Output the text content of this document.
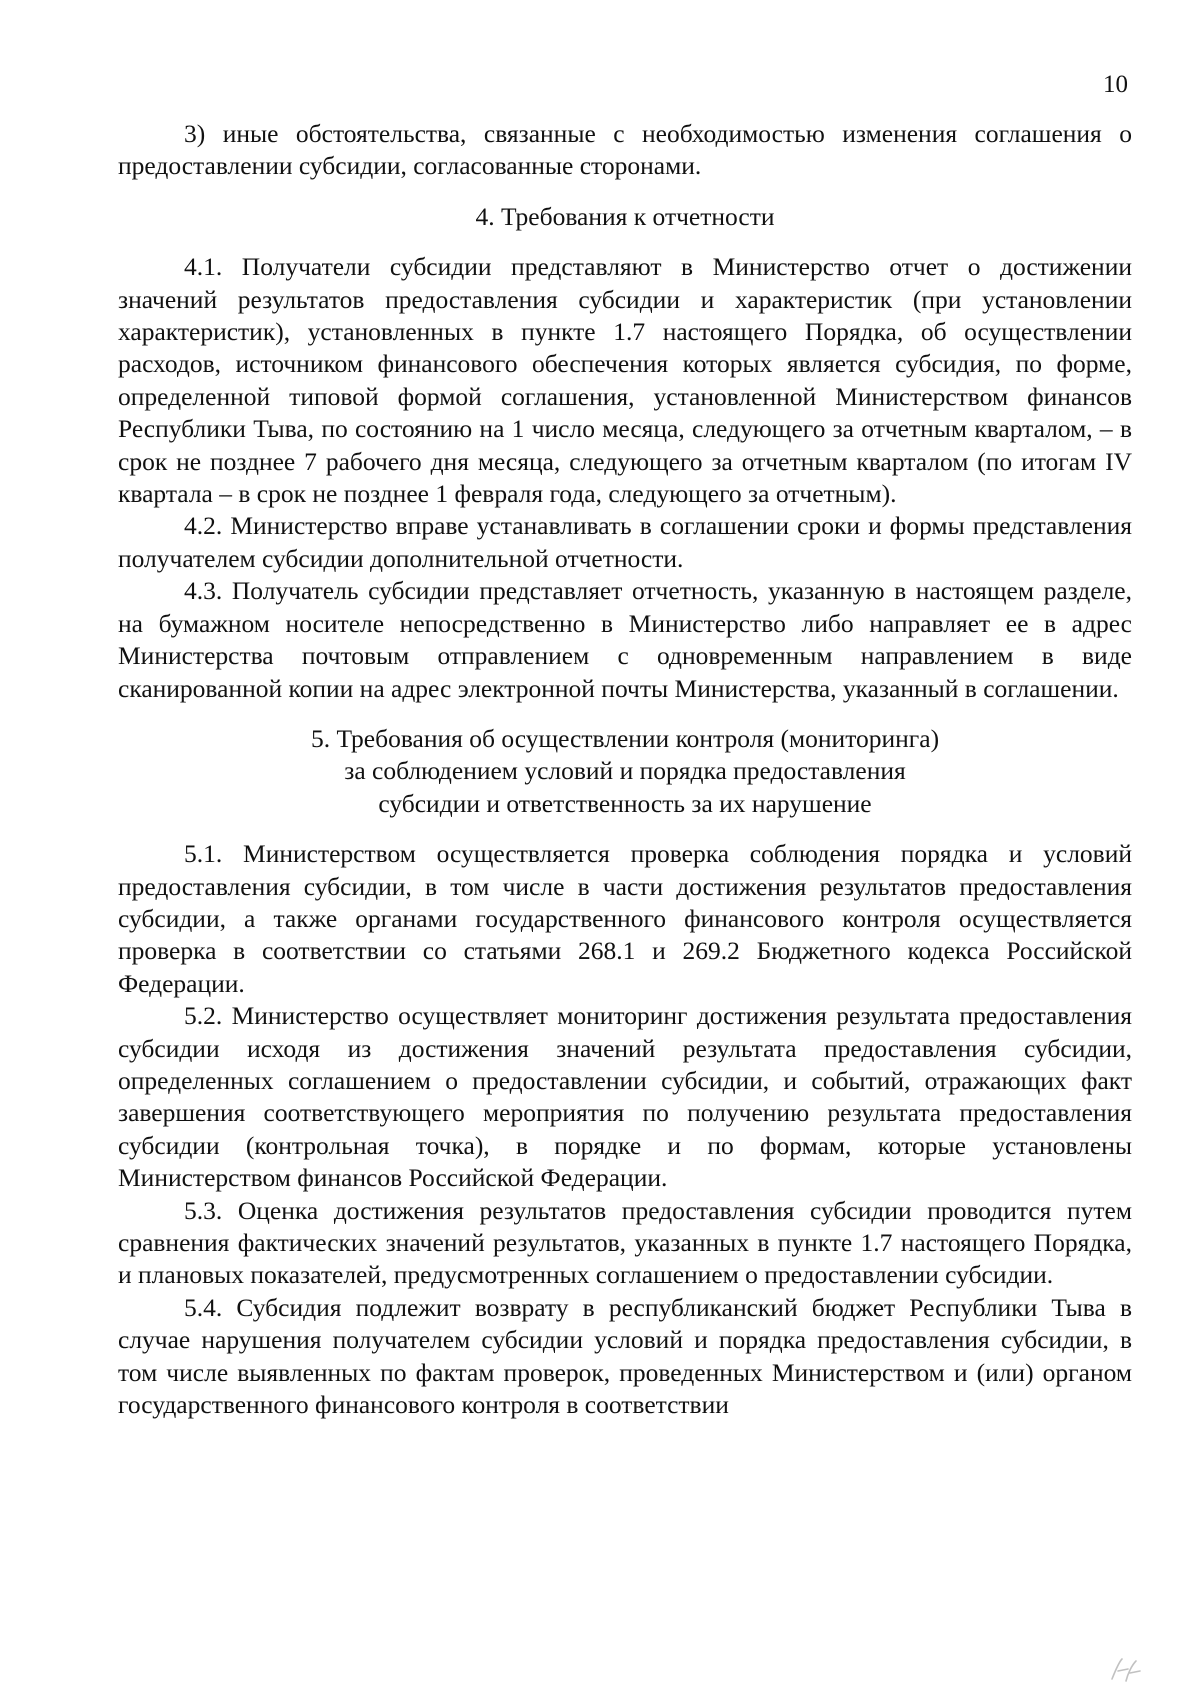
10

3) иные обстоятельства, связанные с необходимостью изменения соглашения о предоставлении субсидии, согласованные сторонами.

4. Требования к отчетности

4.1. Получатели субсидии представляют в Министерство отчет о достижении значений результатов предоставления субсидии и характеристик (при установлении характеристик), установленных в пункте 1.7 настоящего Порядка, об осуществлении расходов, источником финансового обеспечения которых является субсидия, по форме, определенной типовой формой соглашения, установленной Министерством финансов Республики Тыва, по состоянию на 1 число месяца, следующего за отчетным кварталом, – в срок не позднее 7 рабочего дня месяца, следующего за отчетным кварталом (по итогам IV квартала – в срок не позднее 1 февраля года, следующего за отчетным).

4.2. Министерство вправе устанавливать в соглашении сроки и формы представления получателем субсидии дополнительной отчетности.

4.3. Получатель субсидии представляет отчетность, указанную в настоящем разделе, на бумажном носителе непосредственно в Министерство либо направляет ее в адрес Министерства почтовым отправлением с одновременным направлением в виде сканированной копии на адрес электронной почты Министерства, указанный в соглашении.

5. Требования об осуществлении контроля (мониторинга)
за соблюдением условий и порядка предоставления
субсидии и ответственность за их нарушение

5.1. Министерством осуществляется проверка соблюдения порядка и условий предоставления субсидии, в том числе в части достижения результатов предоставления субсидии, а также органами государственного финансового контроля осуществляется проверка в соответствии со статьями 268.1 и 269.2 Бюджетного кодекса Российской Федерации.

5.2. Министерство осуществляет мониторинг достижения результата предоставления субсидии исходя из достижения значений результата предоставления субсидии, определенных соглашением о предоставлении субсидии, и событий, отражающих факт завершения соответствующего мероприятия по получению результата предоставления субсидии (контрольная точка), в порядке и по формам, которые установлены Министерством финансов Российской Федерации.

5.3. Оценка достижения результатов предоставления субсидии проводится путем сравнения фактических значений результатов, указанных в пункте 1.7 настоящего Порядка, и плановых показателей, предусмотренных соглашением о предоставлении субсидии.

5.4. Субсидия подлежит возврату в республиканский бюджет Республики Тыва в случае нарушения получателем субсидии условий и порядка предоставления субсидии, в том числе выявленных по фактам проверок, проведенных Министерством и (или) органом государственного финансового контроля в соответствии
